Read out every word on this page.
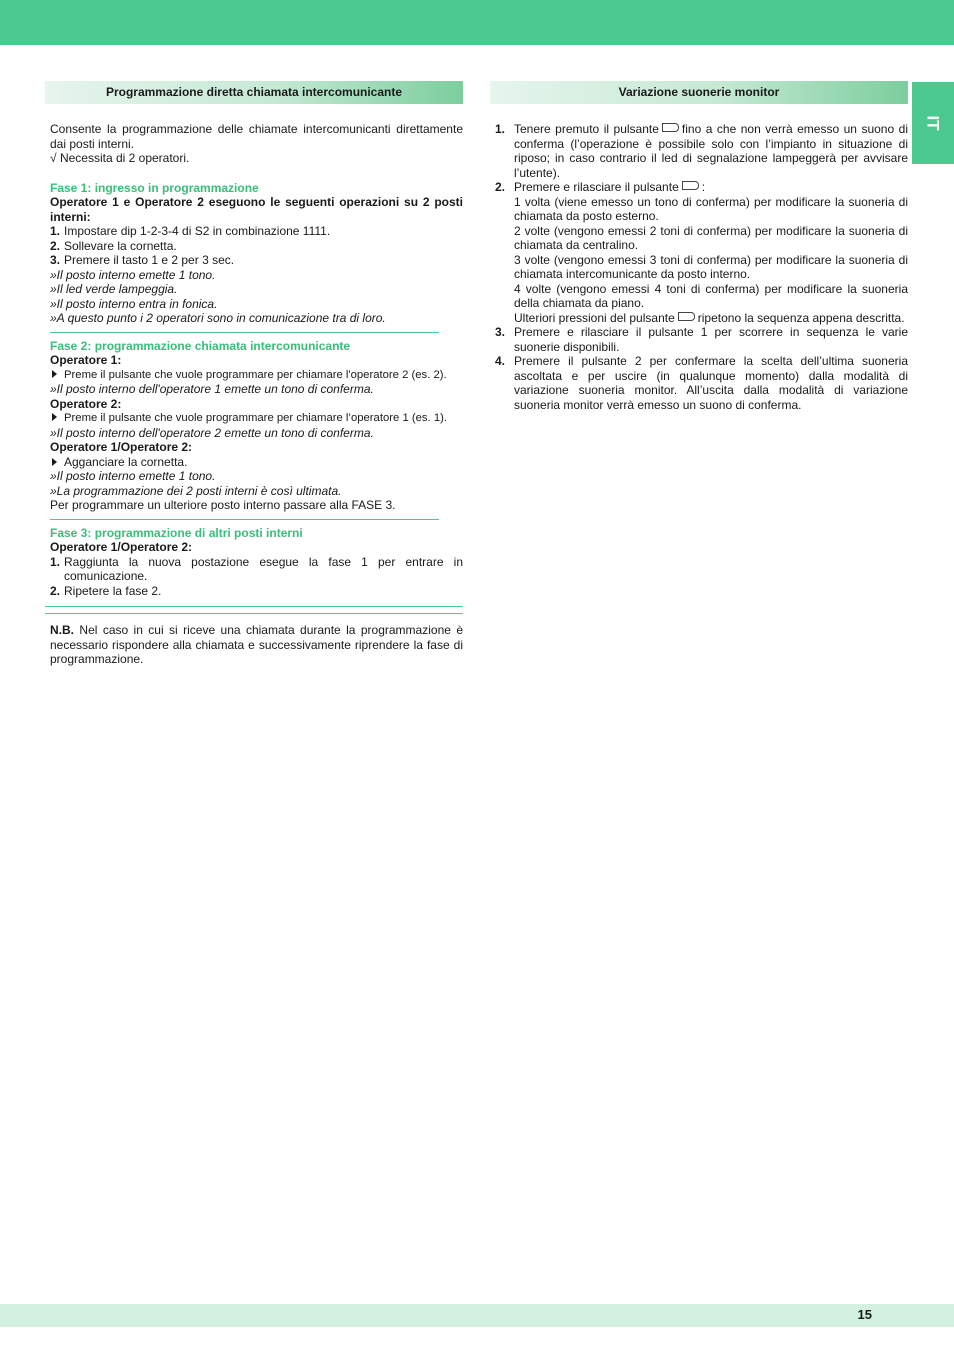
IT
Programmazione diretta chiamata intercomunicante

Consente la programmazione delle chiamate intercomunicanti direttamente dai posti interni.

√ Necessita di 2 operatori.

Fase 1: ingresso in programmazione

Operatore 1 e Operatore 2 eseguono le seguenti operazioni su 2 posti interni:

1. Impostare dip 1-2-3-4 di S2 in combinazione 1111.
2. Sollevare la cornetta.
3. Premere il tasto 1 e 2 per 3 sec.

»Il posto interno emette 1 tono.

»Il led verde lampeggia.

»Il posto interno entra in fonica.

»A questo punto i 2 operatori sono in comunicazione tra di loro.

Fase 2: programmazione chiamata intercomunicante

Operatore 1:

Preme il pulsante che vuole programmare per chiamare l'operatore 2 (es. 2).

»Il posto interno dell'operatore 1 emette un tono di conferma.

Operatore 2:

Preme il pulsante che vuole programmare per chiamare l’operatore 1 (es. 1).

»Il posto interno dell'operatore 2 emette un tono di conferma.

Operatore 1/Operatore 2:

Agganciare la cornetta.

»Il posto interno emette 1 tono.

»La programmazione dei 2 posti interni è così ultimata.

Per programmare un ulteriore posto interno passare alla FASE 3.

Fase 3: programmazione di altri posti interni

Operatore 1/Operatore 2:

1. Raggiunta la nuova postazione esegue la fase 1 per entrare in comunicazione.
2. Ripetere la fase 2.

N.B. Nel caso in cui si riceve una chiamata durante la programmazione è necessario rispondere alla chiamata e successivamente riprendere la fase di programmazione.

Variazione suonerie monitor
1. Tenere premuto il pulsante fino a che non verrà emesso un suono di conferma (l’operazione è possibile solo con l’impianto in situazione di riposo; in caso contrario il led di segnalazione lampeggerà per avvisare l’utente).
2. Premere e rilasciare il pulsante :

1 volta (viene emesso un tono di conferma) per modificare la suoneria di chiamata da posto esterno.

2 volte (vengono emessi 2 toni di conferma) per modificare la suoneria di chiamata da centralino.

3 volte (vengono emessi 3 toni di conferma) per modificare la suoneria di chiamata intercomunicante da posto interno.

4 volte (vengono emessi 4 toni di conferma) per modificare la suoneria della chiamata da piano.

Ulteriori pressioni del pulsante ripetono la sequenza appena descritta.

3. Premere e rilasciare il pulsante 1 per scorrere in sequenza le varie suonerie disponibili.
4. Premere il pulsante 2 per confermare la scelta dell’ultima suoneria ascoltata e per uscire (in qualunque momento) dalla modalità di variazione suoneria monitor. All’uscita dalla modalità di variazione suoneria monitor verrà emesso un suono di conferma.
15
